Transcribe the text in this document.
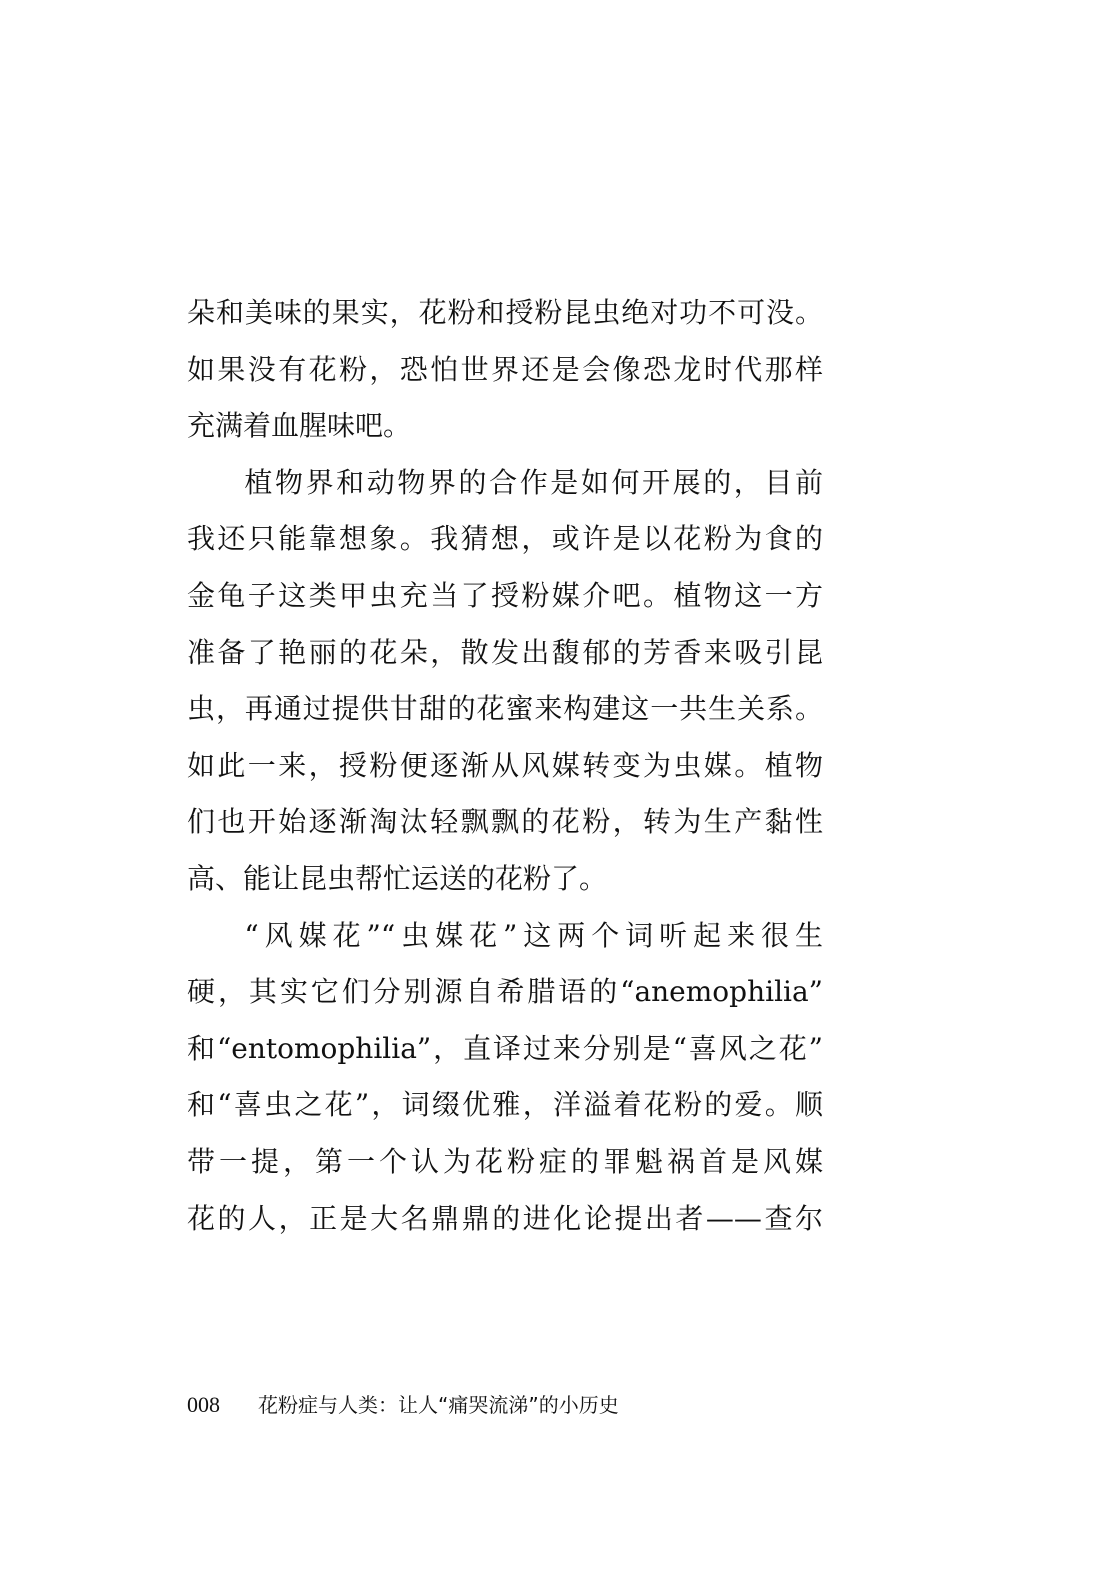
朵和美味的果实，花粉和授粉昆虫绝对功不可没。
如果没有花粉，恐怕世界还是会像恐龙时代那样
充满着血腥味吧。
植物界和动物界的合作是如何开展的，目前
我还只能靠想象。我猜想，或许是以花粉为食的
金龟子这类甲虫充当了授粉媒介吧。植物这一方
准备了艳丽的花朵，散发出馥郁的芳香来吸引昆
虫，再通过提供甘甜的花蜜来构建这一共生关系。
如此一来，授粉便逐渐从风媒转变为虫媒。植物
们也开始逐渐淘汰轻飘飘的花粉，转为生产黏性
高、能让昆虫帮忙运送的花粉了。
“风媒花”“虫媒花”这两个词听起来很生
硬，其实它们分别源自希腊语的“anemophilia”
和“entomophilia”，直译过来分别是“喜风之花”
和“喜虫之花”，词缀优雅，洋溢着花粉的爱。顺
带一提，第一个认为花粉症的罪魁祸首是风媒
花的人，正是大名鼎鼎的进化论提出者——查尔
008 花粉症与人类：让人“痛哭流涕”的小历史
